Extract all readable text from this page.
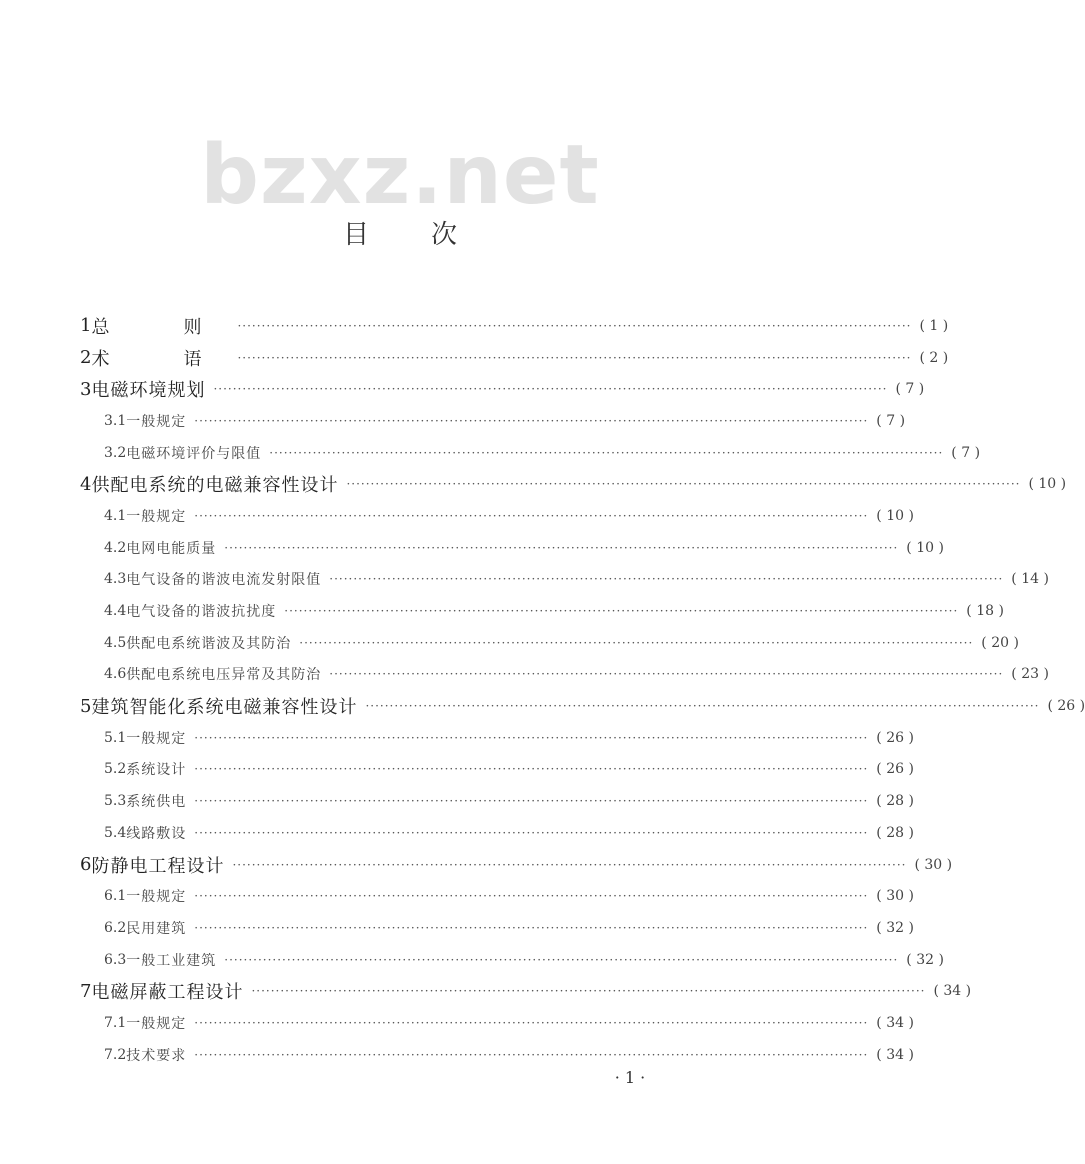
bzxz.net
目 次
1 总　则 ············································································································································ ( 1 )
2 术　语 ············································································································································ ( 2 )
3 电磁环境规划 ············································································································································ ( 7 )
3.1 一般规定 ············································································································································ ( 7 )
3.2 电磁环境评价与限值 ············································································································································ ( 7 )
4 供配电系统的电磁兼容性设计 ············································································································································ ( 10 )
4.1 一般规定 ············································································································································ ( 10 )
4.2 电网电能质量 ············································································································································ ( 10 )
4.3 电气设备的谐波电流发射限值 ············································································································································ ( 14 )
4.4 电气设备的谐波抗扰度 ············································································································································ ( 18 )
4.5 供配电系统谐波及其防治 ············································································································································ ( 20 )
4.6 供配电系统电压异常及其防治 ············································································································································ ( 23 )
5 建筑智能化系统电磁兼容性设计 ············································································································································ ( 26 )
5.1 一般规定 ············································································································································ ( 26 )
5.2 系统设计 ············································································································································ ( 26 )
5.3 系统供电 ············································································································································ ( 28 )
5.4 线路敷设 ············································································································································ ( 28 )
6 防静电工程设计 ············································································································································ ( 30 )
6.1 一般规定 ············································································································································ ( 30 )
6.2 民用建筑 ············································································································································ ( 32 )
6.3 一般工业建筑 ············································································································································ ( 32 )
7 电磁屏蔽工程设计 ············································································································································ ( 34 )
7.1 一般规定 ············································································································································ ( 34 )
7.2 技术要求 ············································································································································ ( 34 )
· 1 ·
